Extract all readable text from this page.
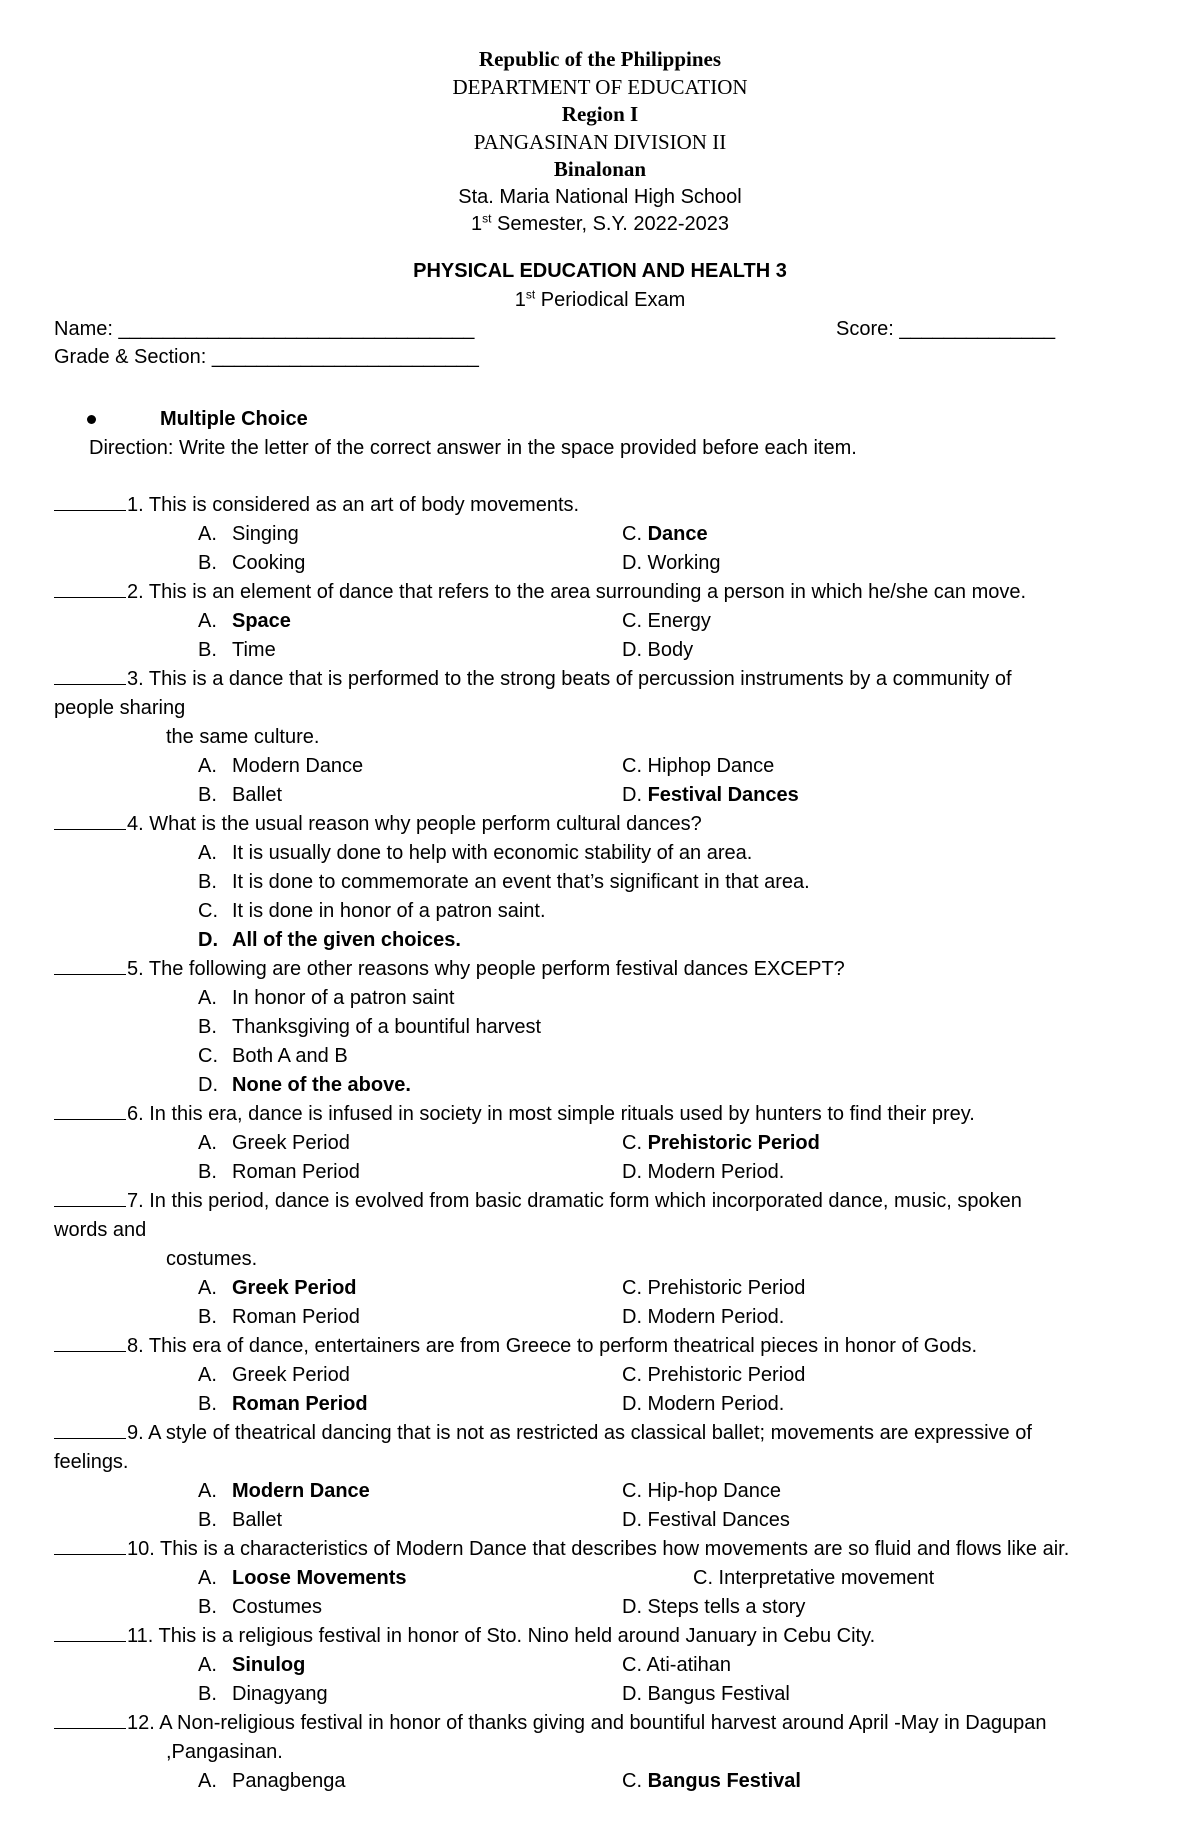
Republic of the Philippines
DEPARTMENT OF EDUCATION
Region I
PANGASINAN DIVISION II
Binalonan
Sta. Maria National High School
1st Semester, S.Y. 2022-2023
PHYSICAL EDUCATION AND HEALTH 3
1st Periodical Exam
Name: ________________________________	Score: ______________
Grade & Section: ________________________
Multiple Choice
Direction: Write the letter of the correct answer in the space provided before each item.
1. This is considered as an art of body movements.
A. Singing	C. Dance
B. Cooking	D. Working
2. This is an element of dance that refers to the area surrounding a person in which he/she can move.
A. Space	C. Energy
B. Time	D. Body
3. This is a dance that is performed to the strong beats of percussion instruments by a community of
people sharing
the same culture.
A. Modern Dance	C. Hiphop Dance
B. Ballet	D. Festival Dances
4. What is the usual reason why people perform cultural dances?
A. It is usually done to help with economic stability of an area.
B. It is done to commemorate an event that’s significant in that area.
C. It is done in honor of a patron saint.
D. All of the given choices.
5. The following are other reasons why people perform festival dances EXCEPT?
A. In honor of a patron saint
B. Thanksgiving of a bountiful harvest
C. Both A and B
D. None of the above.
6. In this era, dance is infused in society in most simple rituals used by hunters to find their prey.
A. Greek Period	C. Prehistoric Period
B. Roman Period	D. Modern Period.
7. In this period, dance is evolved from basic dramatic form which incorporated dance, music, spoken
words and
costumes.
A. Greek Period	C. Prehistoric Period
B. Roman Period	D. Modern Period.
8. This era of dance, entertainers are from Greece to perform theatrical pieces in honor of Gods.
A. Greek Period	C. Prehistoric Period
B. Roman Period	D. Modern Period.
9. A style of theatrical dancing that is not as restricted as classical ballet; movements are expressive of
feelings.
A. Modern Dance	C. Hip-hop Dance
B. Ballet	D. Festival Dances
10. This is a characteristics of Modern Dance that describes how movements are so fluid and flows like air.
A. Loose Movements	C. Interpretative movement
B. Costumes	D. Steps tells a story
11. This is a religious festival in honor of Sto. Nino held around January in Cebu City.
A. Sinulog	C. Ati-atihan
B. Dinagyang	D. Bangus Festival
12. A Non-religious festival in honor of thanks giving and bountiful harvest around April -May in Dagupan
,Pangasinan.
A. Panagbenga	C. Bangus Festival
